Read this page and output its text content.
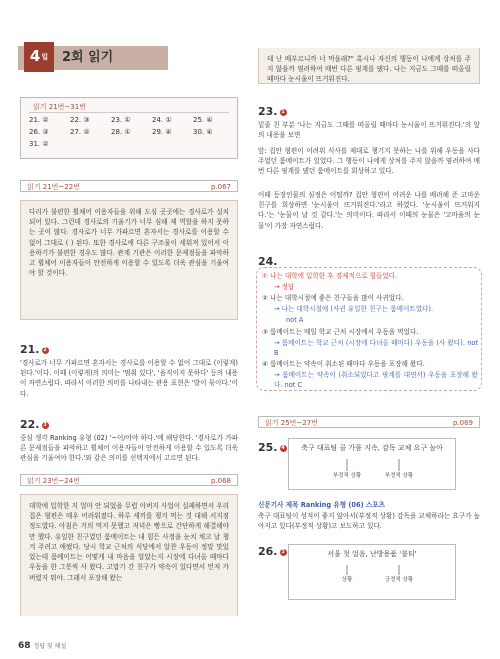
4 일 2회 읽기
읽기 21번~31번
21. ②	22. ③	23. ①	24. ①	25. ④
26. ③	27. ②	28. ①	29. ④	30. ④
31. ②
읽기 21번~22번	p.067
다리가 불편한 휠체어 이용자들을 위해 도심 곳곳에는 경사로가 설치되어 있다. 그런데 경사로의 기울기가 너무 심해 제 역할을 하지 못하는 곳이 많다. 경사로가 너무 가파르면 혼자서는 경사로를 이용할 수 없어 그대로 ( ) 된다. 또한 경사로에 다른 구조물이 세워져 있어서 이용하기가 불편한 경우도 많다. 관계 기관은 이러한 문제점들을 파악하고 휠체어 이용자들이 안전하게 이용할 수 있도록 더욱 관심을 기울여야 할 것이다.
21. 2
'경사로가 너무 가파르면 혼자서는 경사로를 이용할 수 없어 그대로 (이렇게) 된다.'이다. 이때 (이렇게)의 의미는 '멈춰 있다', '움직이지 못하다' 등의 내용이 자연스럽다. 따라서 이러한 의미를 나타내는 관용 표현은 '발이 묶이다.'이다.
22. 3
중심 생각 Ranking 유형 (02) '~이/어야 하다.'에 해당한다. '경사로가 가파른 문제점들을 파악하고 휠체어 이용자들이 안전하게 이용할 수 있도록 더욱 관심을 기울여야 한다.'와 같은 의미를 선택지에서 고르면 된다.
읽기 23번~24번	p.068
대학에 입학한 지 얼마 안 되었을 무렵 아버지 사업이 실패하면서 우리 집은 형편은 매우 어려워졌다. 하루 세끼를 챙겨 먹는 것 대해 서지점 정도였다. 아침은 거의 먹지 못했고 저녁은 빵으로 간단하게 해결해야만 했다. 유일한 친구였던 룸메이트는 내 힘든 사정을 눈치 채고 날 챙겨 주려고 애썼다. 당시 학교 근처의 식당에서 알찬 우동이 정말 맛있었는데 룸메이트는 어떻게 내 마음을 알았는지 시장에 다녀올 때마다 우동을 한 그릇씩 사 왔다. 고맙기 간 친구가 약속이 있다면서 먼저 가 버렸지 뭐야. 그래서 포장해 왔는
데 난 배부르니까 너 먹을래?" 혹시나 자신의 행동이 나에게 상처를 주지 않을까 염려하여 매번 다른 핑계를 댔다. 나는 지금도 그때를 떠올릴 때마다 눈시울이 뜨거워진다.
23. 1
밑줄 친 부분 '나는 지금도 그때를 떠올릴 때마다 눈시울이 뜨거워진다.'의 앞의 내용을 보면
앞: 집안 형편이 어려워 식사를 제대로 챙기지 못하는 나를 위해 우동을 사다 주었던 룸메이트가 있었다. 그 행동이 나에게 상처를 주지 않을까 염려하여 매번 다른 핑계를 댔던 룸메이트를 회상하고 있다.
이때 등장인물의 심정은 어떨까? 집안 형편이 어려운 나를 배려해 준 고마운 친구를 회상하면 '눈시울이 뜨거워진다.'라고 하였다. '눈시울이 뜨거워지다.'는 '눈물이 날 것 같다.'는 의미이다. 따라서 이때의 눈물은 '고마움의 눈물'이 가장 자연스럽다.
24.
① 나는 대학에 입학한 후 경제적으로 힘들었다.
→ 정답
② 나는 대학시절에 좋은 친구들을 많이 사귀었다.
→ 나는 대학시절에 (사귄 유일한 친구는 룸메이트였다).
not A
③ 룸메이트는 매일 학교 근처 시장에서 우동을 먹었다.
→ 룸메이트는 학교 근처 (시장에 다녀올 때마다) 우동을 (사 왔다). not B
④ 룸메이트는 약속이 취소된 때마다 우동을 포장해 왔다.
→ 룸메이트는 약속이 (취소되었다고 핑계를 대면서) 우동을 포장해 왔다. not C
읽기 25번~27번	p.069
25. 4	축구 대표팀 골 가뭄 지속, 감독 교체 요구 높아
부정적 상황	부정적 상황
신문기사 제목 Ranking 유형 (06) 스포츠
축구 대표팀이 성적이 좋지 않아서(부정적 상황) 감독을 교체하라는 요구가 높아지고 있다(부정적 상황)고 보도하고 있다.
26. 3	서울 첫 얼음, 난방용품 '불티'
상황	긍정적 상황
68 정답 및 해설
